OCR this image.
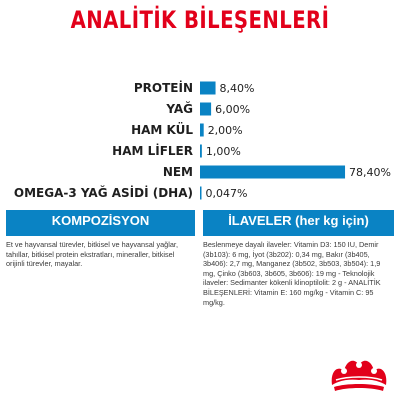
ANALİTİK BİLEŞENLERİ
PROTEİN 8,40%
YAĞ 6,00%
HAM KÜL 2,00%
HAM LİFLER 1,00%
NEM	78,40%
OMEGA-3 YAĞ ASİDİ (DHA) 0,047%
KOMPOZİSYON
Et ve hayvansal türevler, bitkisel ve hayvansal yağlar, tahıllar, bitkisel protein ekstratları, mineraller, bitkisel orijinli türevler, mayalar.
İLAVELER (her kg için)
Beslenmeye dayalı ilaveler: Vitamin D3: 150 IU, Demir (3b103): 6 mg, İyot (3b202): 0,34 mg, Bakır (3b405, 3b406): 2,7 mg, Manganez (3b502, 3b503, 3b504): 1,9 mg, Çinko (3b603, 3b605, 3b606): 19 mg - Teknolojik ilaveler: Sedimanter kökenli klinoptilolit: 2 g - ANALİTİK BİLEŞENLERİ: Vitamin E: 160 mg/kg - Vitamin C: 95 mg/kg.
